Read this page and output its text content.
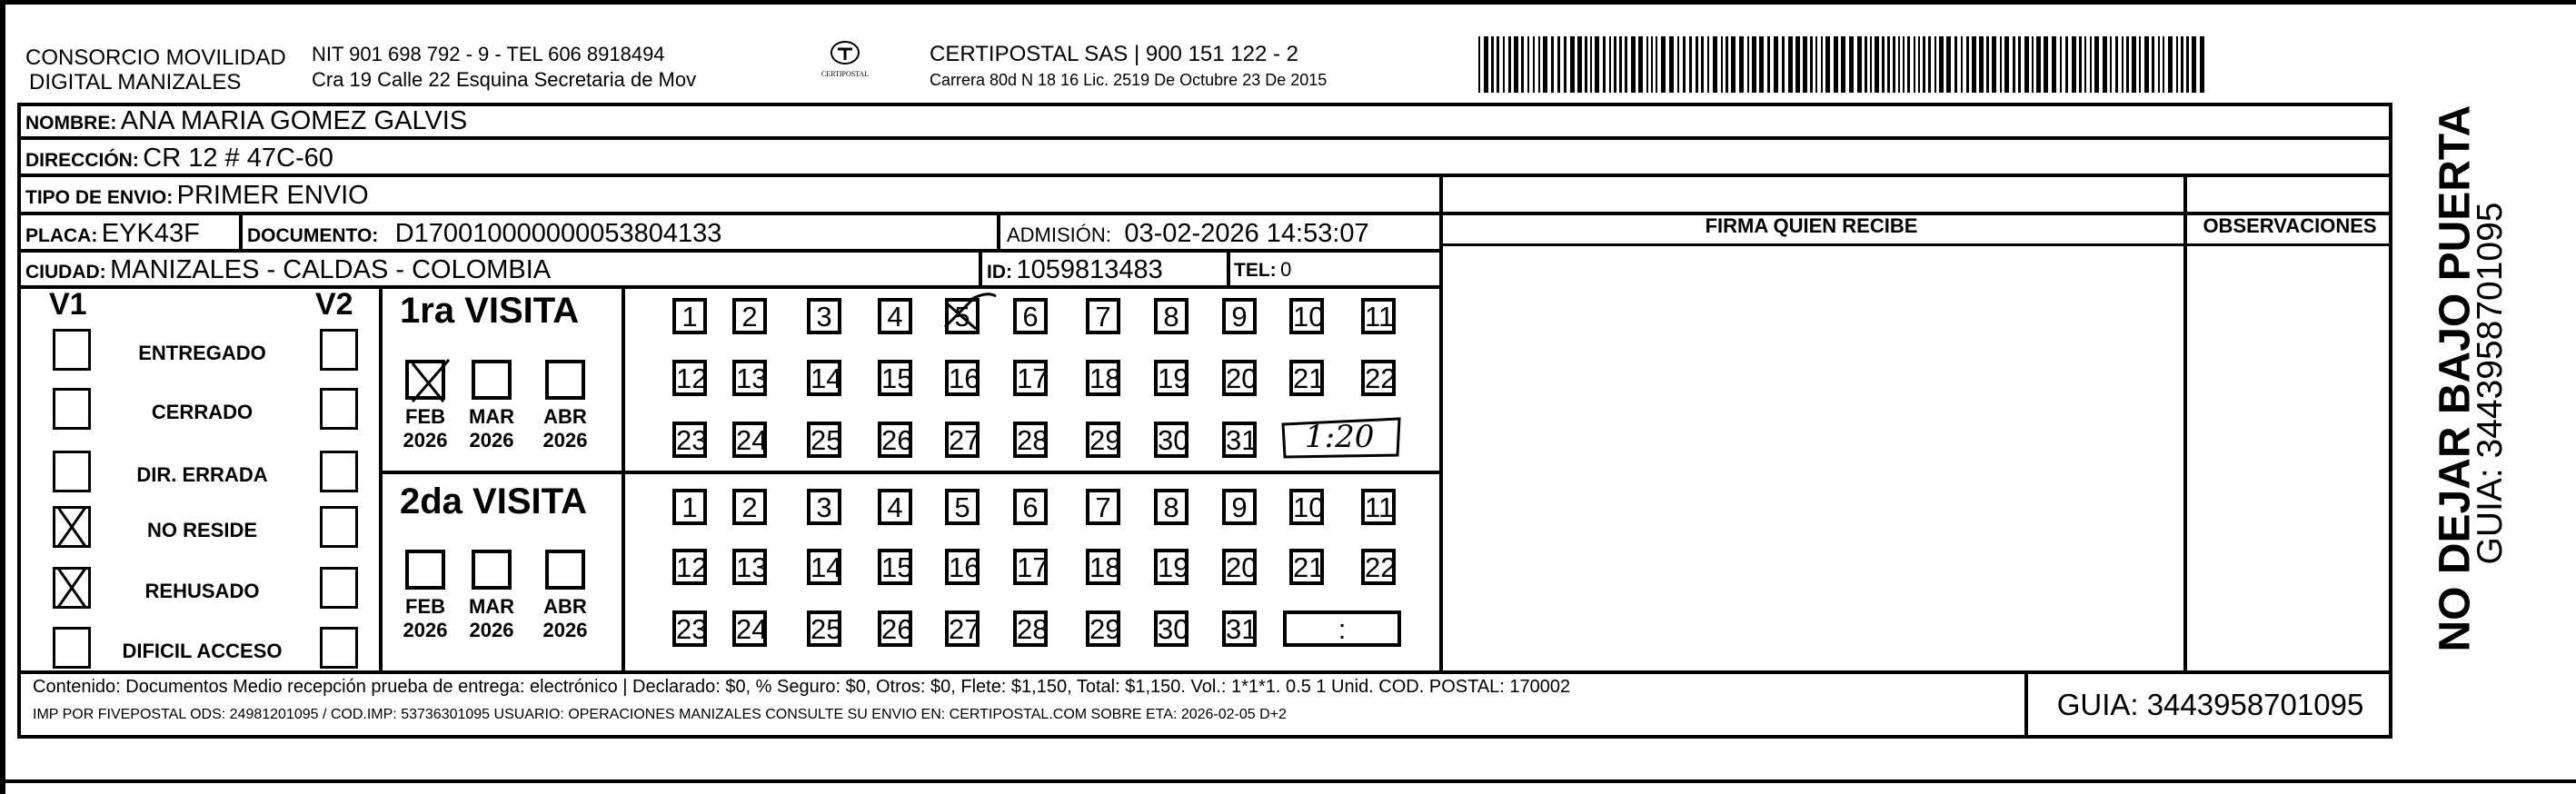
CONSORCIO MOVILIDAD
DIGITAL MANIZALES
NIT 901 698 792 - 9 - TEL 606 8918494
Cra 19 Calle 22 Esquina Secretaria de Mov	CERTIPOSTAL
CERTIPOSTAL SAS | 900 151 122 - 2
Carrera 80d N 18 16 Lic. 2519 De Octubre 23 De 2015
NOMBRE: ANA MARIA GOMEZ GALVIS
DIRECCIÓN: CR 12 # 47C-60
TIPO DE ENVIO: PRIMER ENVIO
PLACA: EYK43F DOCUMENTO: D170010000000053804133	ADMISIÓN: 03-02-2026 14:53:07
CIUDAD: MANIZALES - CALDAS - COLOMBIA	ID: 1059813483	TEL: 0
FIRMA QUIEN RECIBE	OBSERVACIONES
V1	V2
ENTREGADO
CERRADO
DIR. ERRADA
NO RESIDE
REHUSADO
DIFICIL ACCESO
1ra VISITA
2da VISITA
FEB
2026
MAR
2026
ABR
2026
FEB
2026
MAR
2026
ABR
2026
1	2	3	4	5	6	7	8	9	10 11
12 13 14 15 16 17 18 19 20 21 22
23 24 25 26 27 28 29 30 31
1	2	3	4	5	6	7	8	9	10 11
12 13 14 15 16 17 18 19 20 21 22
23 24 25 26 27 28 29 30 31	:
1:20
Contenido: Documentos Medio recepción prueba de entrega: electrónico | Declarado: $0, % Seguro: $0, Otros: $0, Flete: $1,150, Total: $1,150. Vol.: 1*1*1. 0.5 1 Unid. COD. POSTAL: 170002
IMP POR FIVEPOSTAL ODS: 24981201095 / COD.IMP: 53736301095 USUARIO: OPERACIONES MANIZALES CONSULTE SU ENVIO EN: CERTIPOSTAL.COM SOBRE ETA: 2026-02-05 D+2	GUIA: 3443958701095
NO DEJAR BAJO PUERTA
GUIA: 3443958701095
